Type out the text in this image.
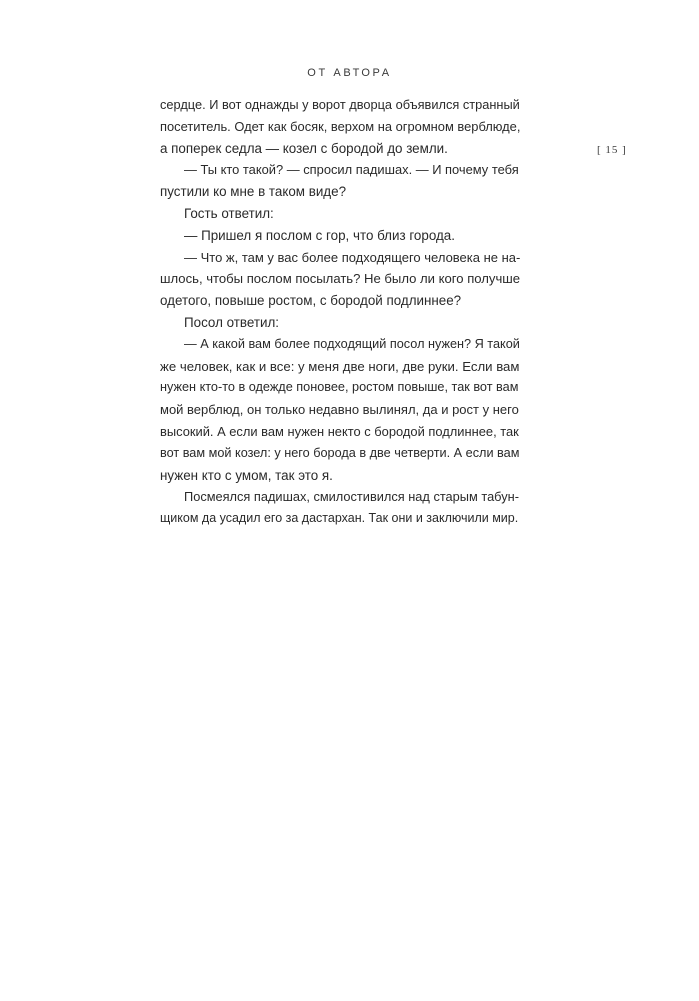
ОТ АВТОРА
[ 15 ]
сердце. И вот однажды у ворот дворца объявился странный
посетитель. Одет как босяк, верхом на огромном верблюде,
а поперек седла — козел с бородой до земли.
— Ты кто такой? — спросил падишах. — И почему тебя
пустили ко мне в таком виде?
Гость ответил:
— Пришел я послом с гор, что близ города.
— Что ж, там у вас более подходящего человека не на-
шлось, чтобы послом посылать? Не было ли кого получше
одетого, повыше ростом, с бородой подлиннее?
Посол ответил:
— А какой вам более подходящий посол нужен? Я такой
же человек, как и все: у меня две ноги, две руки. Если вам
нужен кто-то в одежде поновее, ростом повыше, так вот вам
мой верблюд, он только недавно вылинял, да и рост у него
высокий. А если вам нужен некто с бородой подлиннее, так
вот вам мой козел: у него борода в две четверти. А если вам
нужен кто с умом, так это я.
Посмеялся падишах, смилостивился над старым табун-
щиком да усадил его за дастархан. Так они и заключили мир.
